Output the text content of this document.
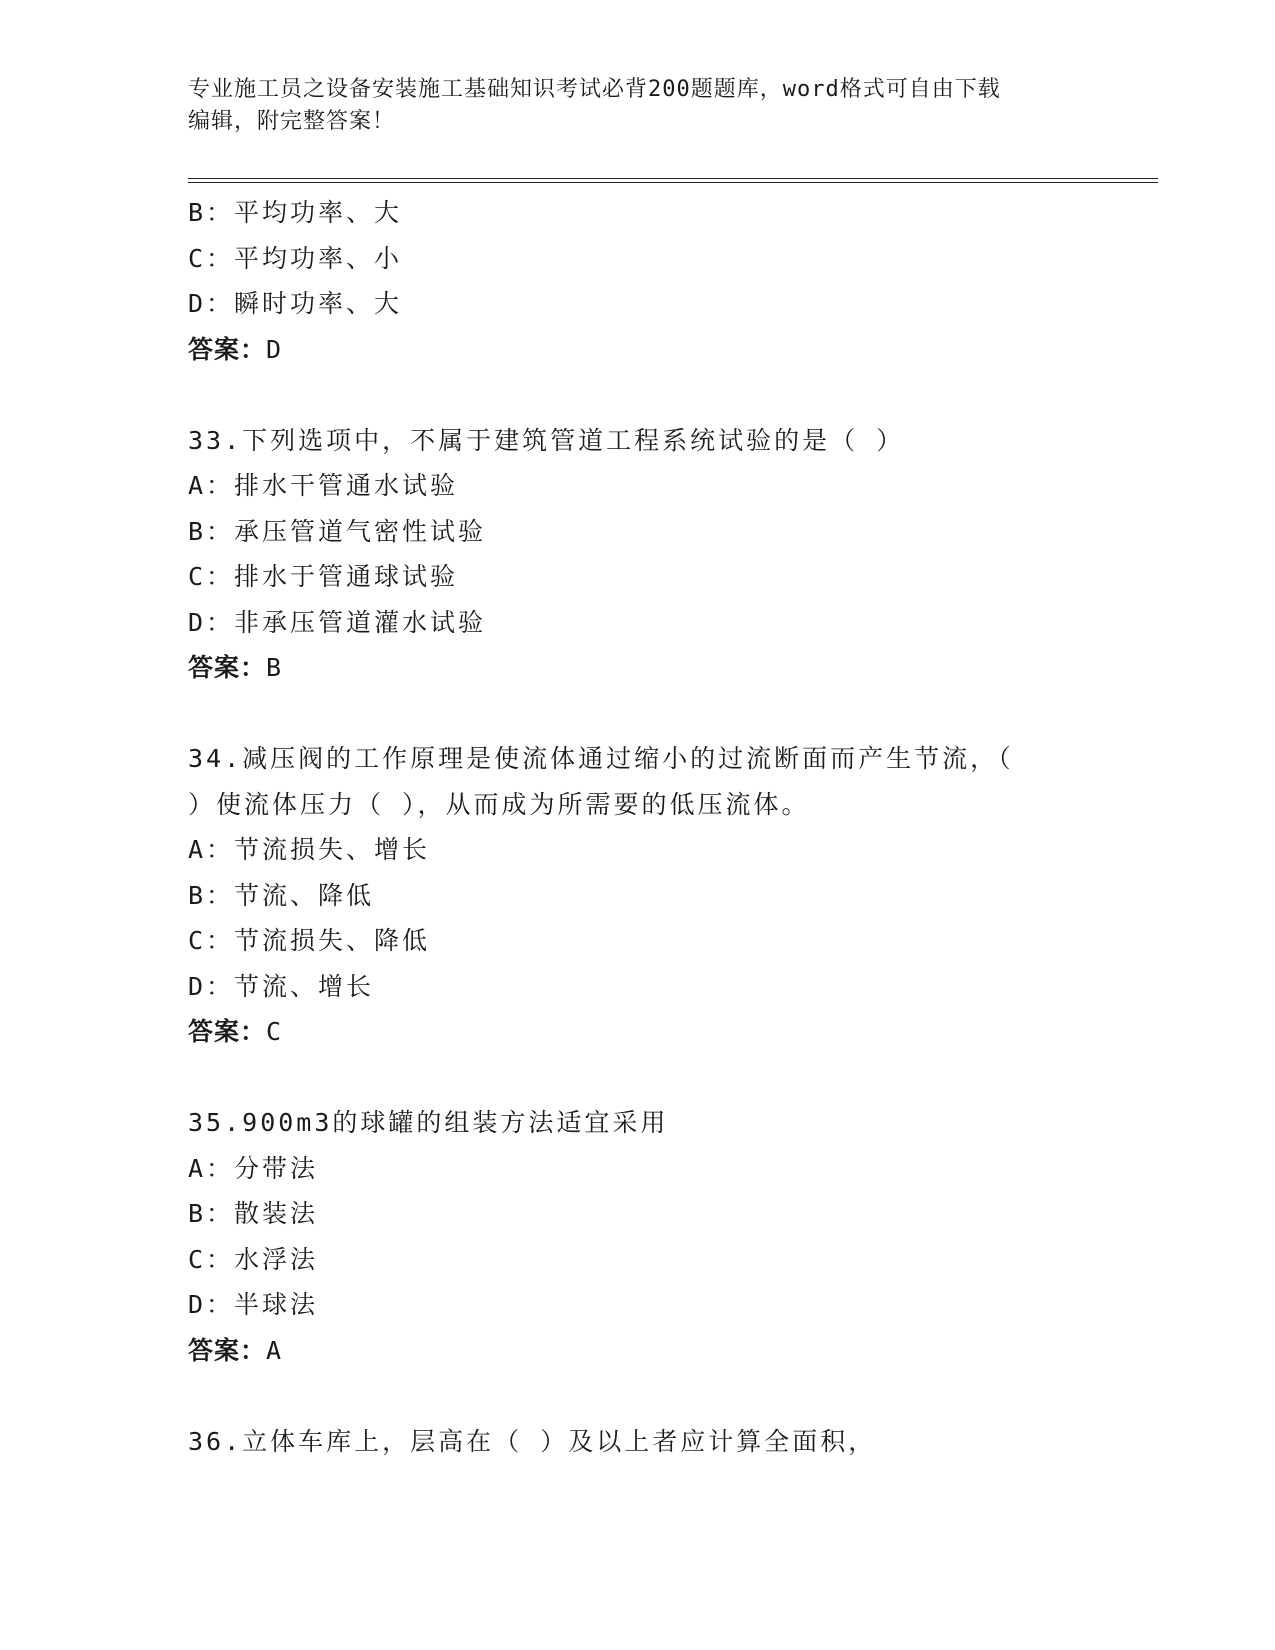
专业施工员之设备安装施工基础知识考试必背200题题库，word格式可自由下载
编辑，附完整答案！
B：平均功率、大
C：平均功率、小
D：瞬时功率、大
答案：D
33.下列选项中，不属于建筑管道工程系统试验的是（ ）
A：排水干管通水试验
B：承压管道气密性试验
C：排水于管通球试验
D：非承压管道灌水试验
答案：B
34.减压阀的工作原理是使流体通过缩小的过流断面而产生节流，（
）使流体压力（ ），从而成为所需要的低压流体。
A：节流损失、增长
B：节流、降低
C：节流损失、降低
D：节流、增长
答案：C
35.900m3的球罐的组装方法适宜采用
A：分带法
B：散装法
C：水浮法
D：半球法
答案：A
36.立体车库上，层高在（ ）及以上者应计算全面积，
